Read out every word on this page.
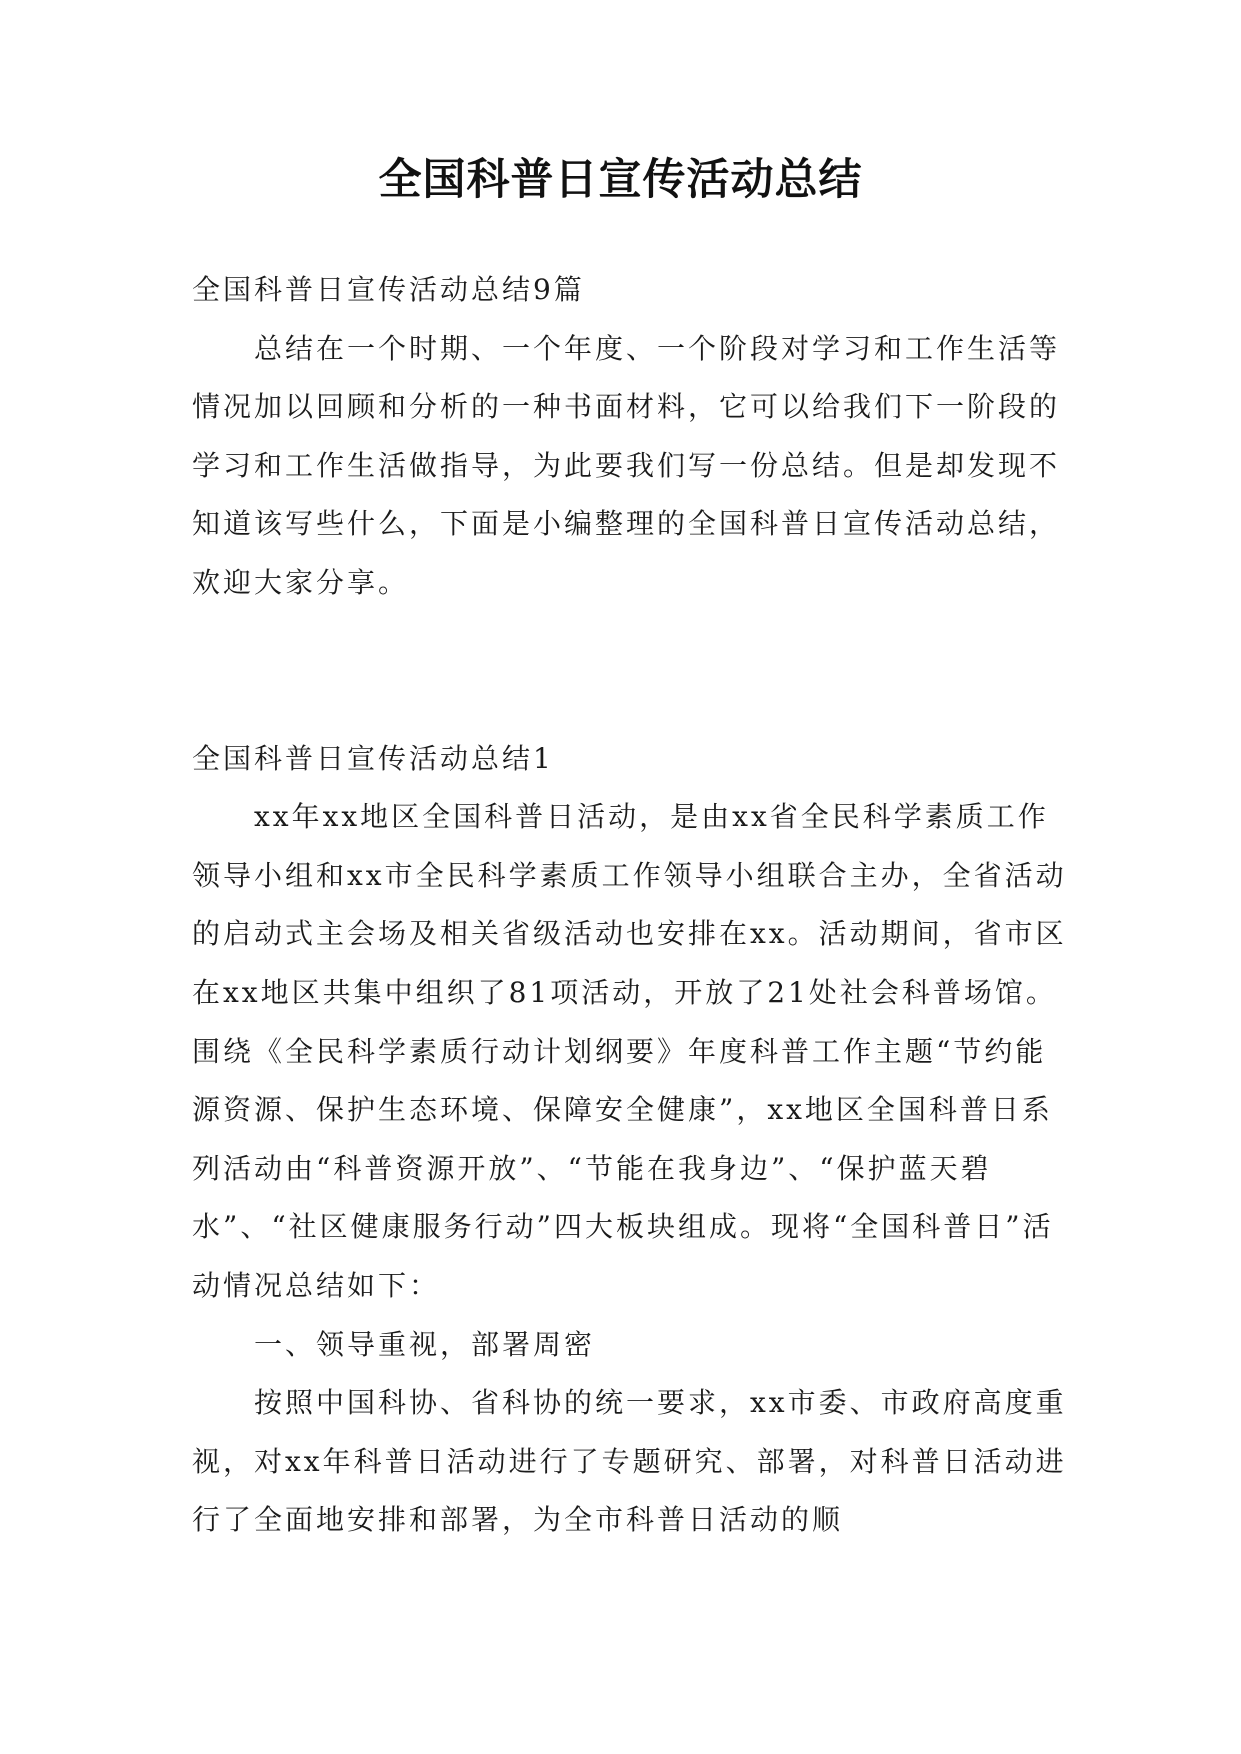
全国科普日宣传活动总结

全国科普日宣传活动总结9篇

总结在一个时期、一个年度、一个阶段对学习和工作生活等情况加以回顾和分析的一种书面材料，它可以给我们下一阶段的学习和工作生活做指导，为此要我们写一份总结。但是却发现不知道该写些什么，下面是小编整理的全国科普日宣传活动总结，欢迎大家分享。

全国科普日宣传活动总结1

xx年xx地区全国科普日活动，是由xx省全民科学素质工作领导小组和xx市全民科学素质工作领导小组联合主办，全省活动的启动式主会场及相关省级活动也安排在xx。活动期间，省市区在xx地区共集中组织了81项活动，开放了21处社会科普场馆。围绕《全民科学素质行动计划纲要》年度科普工作主题“节约能源资源、保护生态环境、保障安全健康”，xx地区全国科普日系列活动由“科普资源开放”、“节能在我身边”、“保护蓝天碧水”、“社区健康服务行动”四大板块组成。现将“全国科普日”活动情况总结如下：

一、领导重视，部署周密

按照中国科协、省科协的统一要求，xx市委、市政府高度重视，对xx年科普日活动进行了专题研究、部署，对科普日活动进行了全面地安排和部署，为全市科普日活动的顺
